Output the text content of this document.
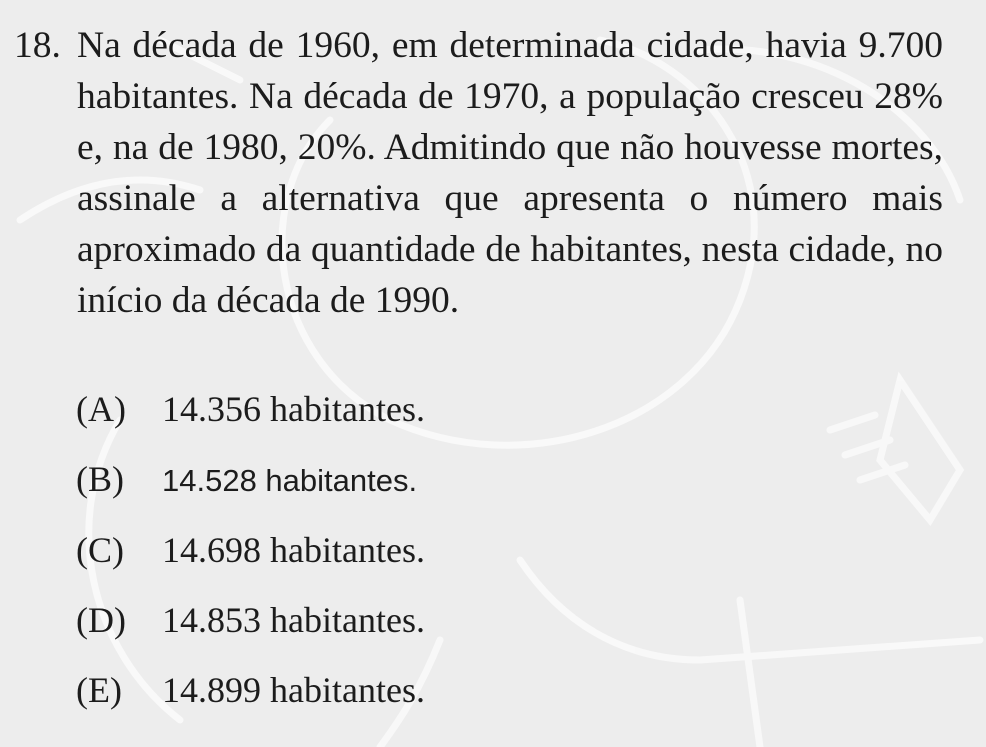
18. Na década de 1960, em determinada cidade, havia 9.700 habitantes. Na década de 1970, a população cresceu 28% e, na de 1980, 20%. Admitindo que não houvesse mortes, assinale a alternativa que apresenta o número mais aproximado da quantidade de habitantes, nesta cidade, no início da década de 1990.
(A) 14.356 habitantes.
(B) 14.528 habitantes.
(C) 14.698 habitantes.
(D) 14.853 habitantes.
(E) 14.899 habitantes.
